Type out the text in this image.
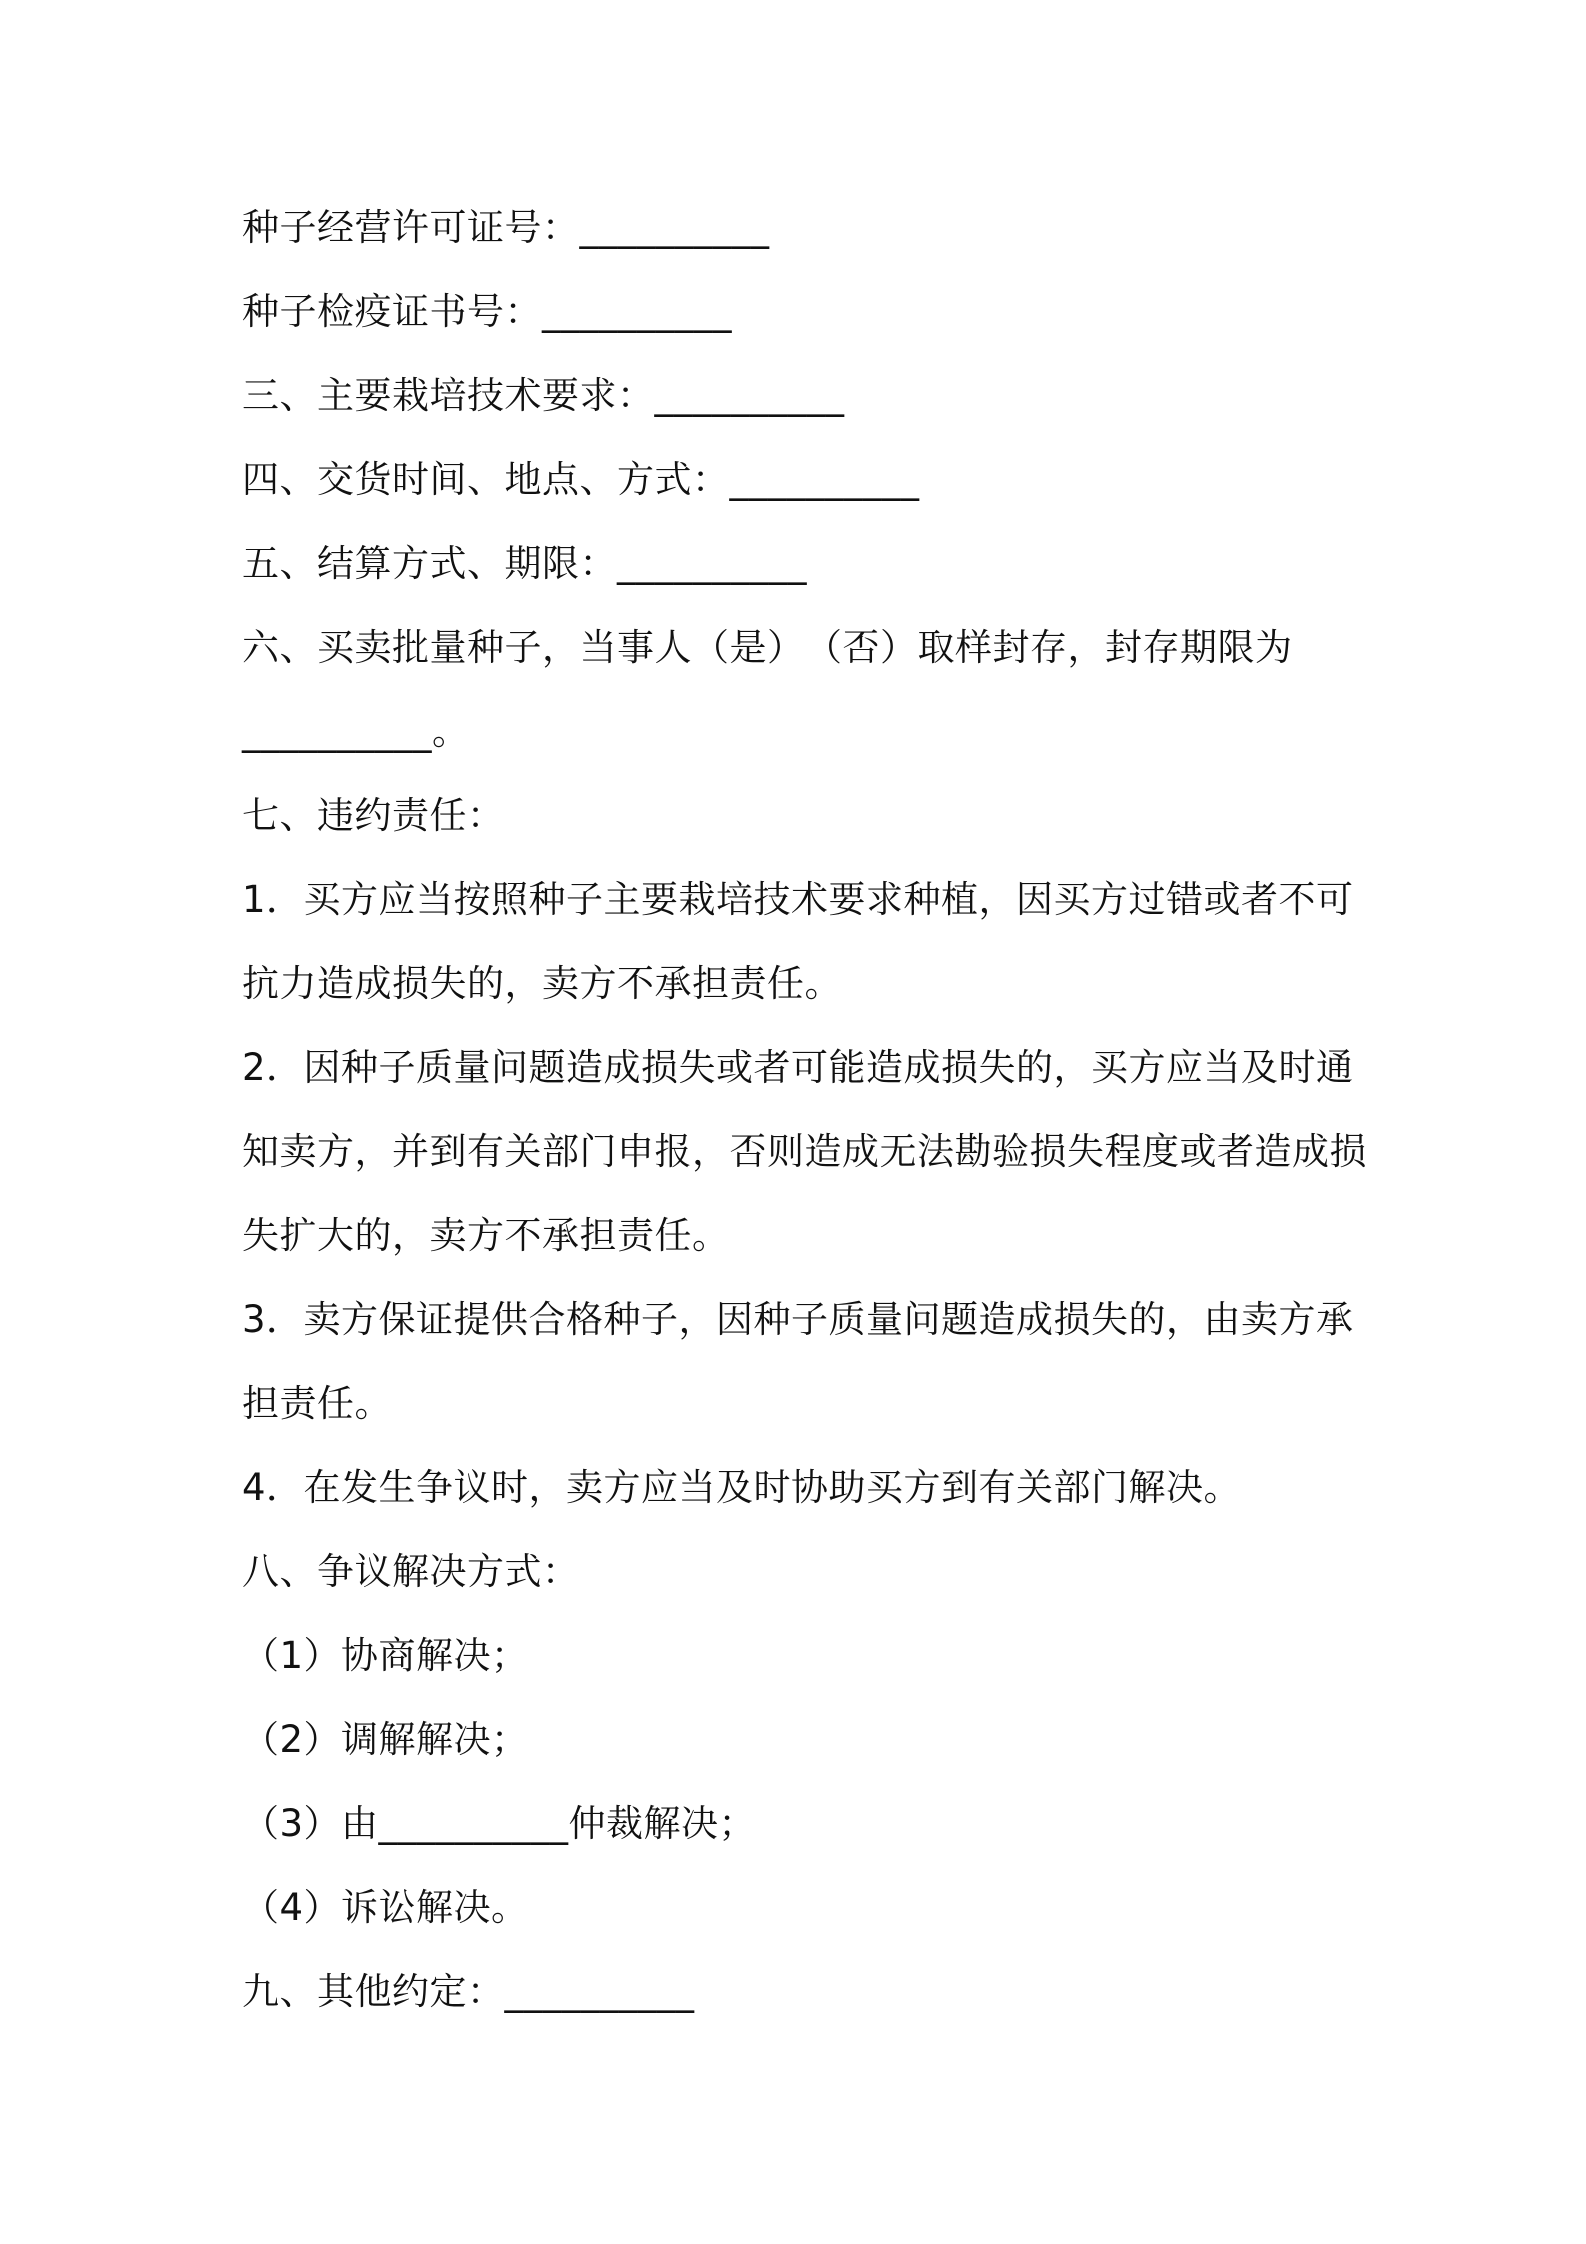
种子经营许可证号：__________
种子检疫证书号：__________
三、主要栽培技术要求：__________
四、交货时间、地点、方式：__________
五、结算方式、期限：__________
六、买卖批量种子，当事人（是）　（否）取样封存，封存期限为
__________。
七、违约责任：
1．买方应当按照种子主要栽培技术要求种植，因买方过错或者不可
抗力造成损失的，卖方不承担责任。
2．因种子质量问题造成损失或者可能造成损失的，买方应当及时通
知卖方，并到有关部门申报，否则造成无法勘验损失程度或者造成损
失扩大的，卖方不承担责任。
3．卖方保证提供合格种子，因种子质量问题造成损失的，由卖方承
担责任。
4．在发生争议时，卖方应当及时协助买方到有关部门解决。
八、争议解决方式：
（1）协商解决；
（2）调解解决；
（3）由__________仲裁解决；
（4）诉讼解决。
九、其他约定：__________
